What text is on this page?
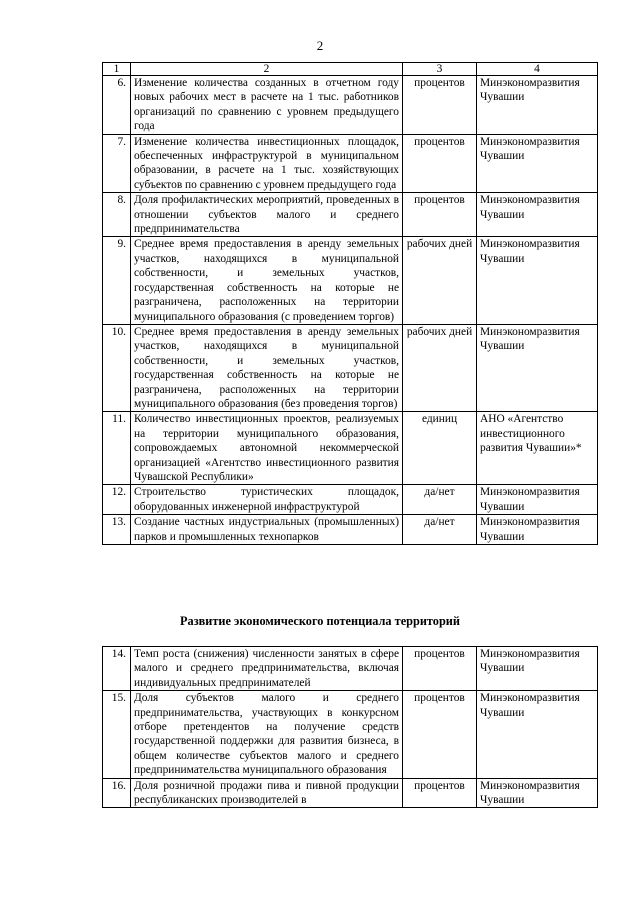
2
1	2	3	4
6.	Изменение количества созданных в отчетном году новых рабочих мест в расчете на 1 тыс. работников организаций по сравнению с уровнем предыдущего года	процентов	Минэкономразвития Чувашии
7.	Изменение количества инвестиционных площадок, обеспеченных инфраструктурой в муниципальном образовании, в расчете на 1 тыс. хозяйствующих субъектов по сравнению с уровнем предыдущего года	процентов	Минэкономразвития Чувашии
8.	Доля профилактических мероприятий, проведенных в отношении субъектов малого и среднего предпринимательства	процентов	Минэкономразвития Чувашии
9.	Среднее время предоставления в аренду земельных участков, находящихся в муниципальной собственности, и земельных участков, государственная собственность на которые не разграничена, расположенных на территории муниципального образования (с проведением торгов)	рабочих дней	Минэкономразвития Чувашии
10.	Среднее время предоставления в аренду земельных участков, находящихся в муниципальной собственности, и земельных участков, государственная собственность на которые не разграничена, расположенных на территории муниципального образования (без проведения торгов)	рабочих дней	Минэкономразвития Чувашии
11.	Количество инвестиционных проектов, реализуемых на территории муниципального образования, сопровождаемых автономной некоммерческой организацией «Агентство инвестиционного развития Чувашской Республики»	единиц	АНО «Агентство инвестиционного развития Чувашии»*
12.	Строительство туристических площадок, оборудованных инженерной инфраструктурой	да/нет	Минэкономразвития Чувашии
13.	Создание частных индустриальных (промышленных) парков и промышленных технопарков	да/нет	Минэкономразвития Чувашии
Развитие экономического потенциала территорий
14.	Темп роста (снижения) численности занятых в сфере малого и среднего предпринимательства, включая индивидуальных предпринимателей	процентов	Минэкономразвития Чувашии
15.	Доля субъектов малого и среднего предпринимательства, участвующих в конкурсном отборе претендентов на получение средств государственной поддержки для развития бизнеса, в общем количестве субъектов малого и среднего предпринимательства муниципального образования	процентов	Минэкономразвития Чувашии
16.	Доля розничной продажи пива и пивной продукции республиканских производителей в	процентов	Минэкономразвития Чувашии
